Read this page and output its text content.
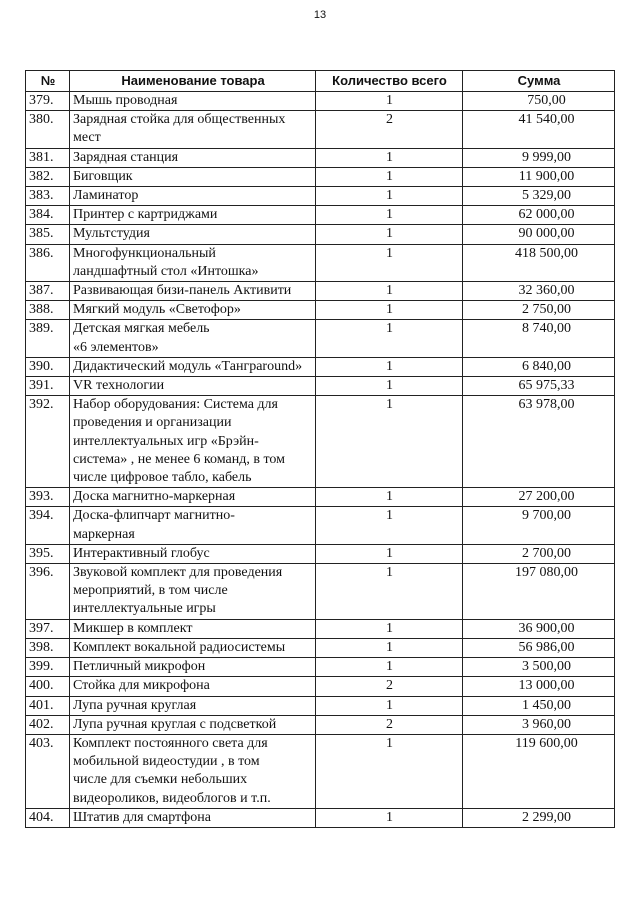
13
№	Наименование товара	Количество всего	Сумма
379.	Мышь проводная	1	750,00
380.	Зарядная стойка для общественных
мест	2	41 540,00
381.	Зарядная станция	1	9 999,00
382.	Биговщик	1	11 900,00
383.	Ламинатор	1	5 329,00
384.	Принтер с картриджами	1	62 000,00
385.	Мультстудия	1	90 000,00
386.	Многофункциональный
ландшафтный стол «Интошка»	1	418 500,00
387.	Развивающая бизи-панель Активити	1	32 360,00
388.	Мягкий модуль «Светофор»	1	2 750,00
389.	Детская мягкая мебель
«6 элементов»	1	8 740,00
390.	Дидактический модуль «Тангрaround»	1	6 840,00
391.	VR технологии	1	65 975,33
392.	Набор оборудования: Система для
проведения и организации
интеллектуальных игр «Брэйн-
система» , не менее 6 команд, в том
числе цифровое табло, кабель	1	63 978,00
393.	Доска магнитно-маркерная	1	27 200,00
394.	Доска-флипчарт магнитно-
маркерная	1	9 700,00
395.	Интерактивный глобус	1	2 700,00
396.	Звуковой комплект для проведения
мероприятий, в том числе
интеллектуальные игры	1	197 080,00
397.	Микшер в комплект	1	36 900,00
398.	Комплект вокальной радиосистемы	1	56 986,00
399.	Петличный микрофон	1	3 500,00
400.	Стойка для микрофона	2	13 000,00
401.	Лупа ручная круглая	1	1 450,00
402.	Лупа ручная круглая с подсветкой	2	3 960,00
403.	Комплект постоянного света для
мобильной видеостудии , в том
числе для съемки небольших
видеороликов, видеоблогов и т.п.	1	119 600,00
404.	Штатив для смартфона	1	2 299,00
